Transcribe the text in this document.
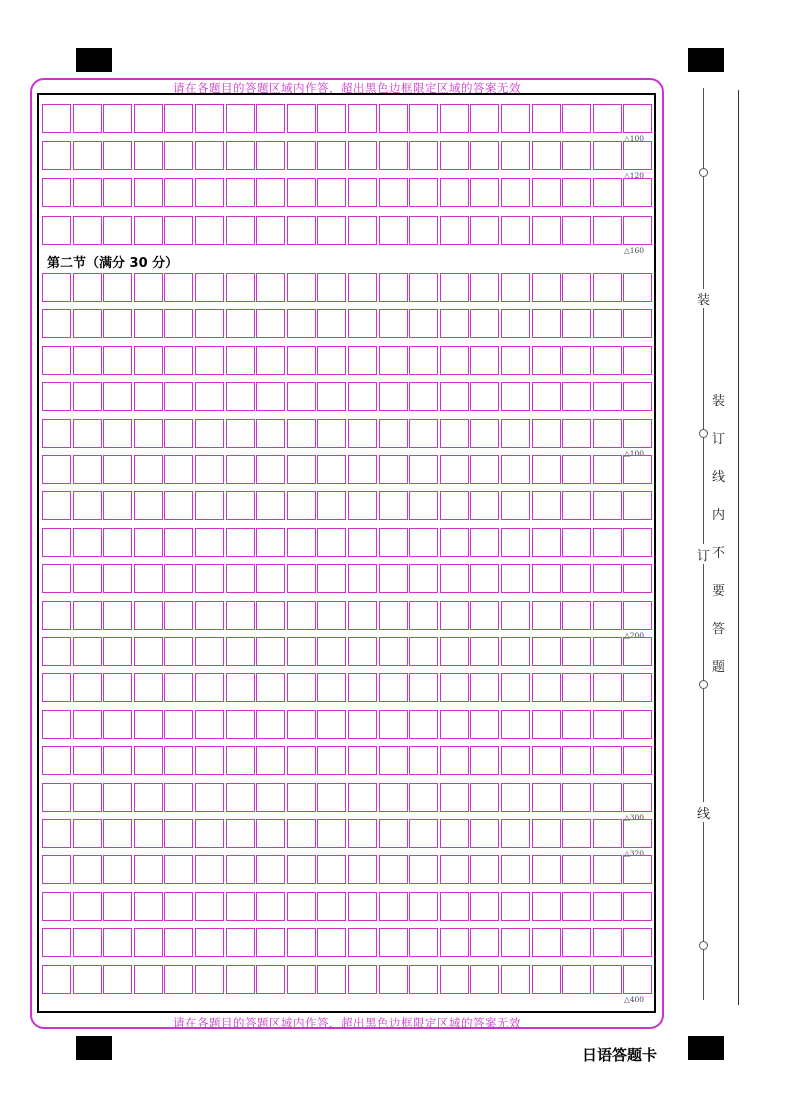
请在各题目的答题区域内作答，超出黑色边框限定区域的答案无效
请在各题目的答题区域内作答，超出黑色边框限定区域的答案无效
第二节（满分 30 分）
△100
△120
△160
△100
△200
△300
△320
△400
装
订
线
装
订
线
内
不
要
答
题
日语答题卡
